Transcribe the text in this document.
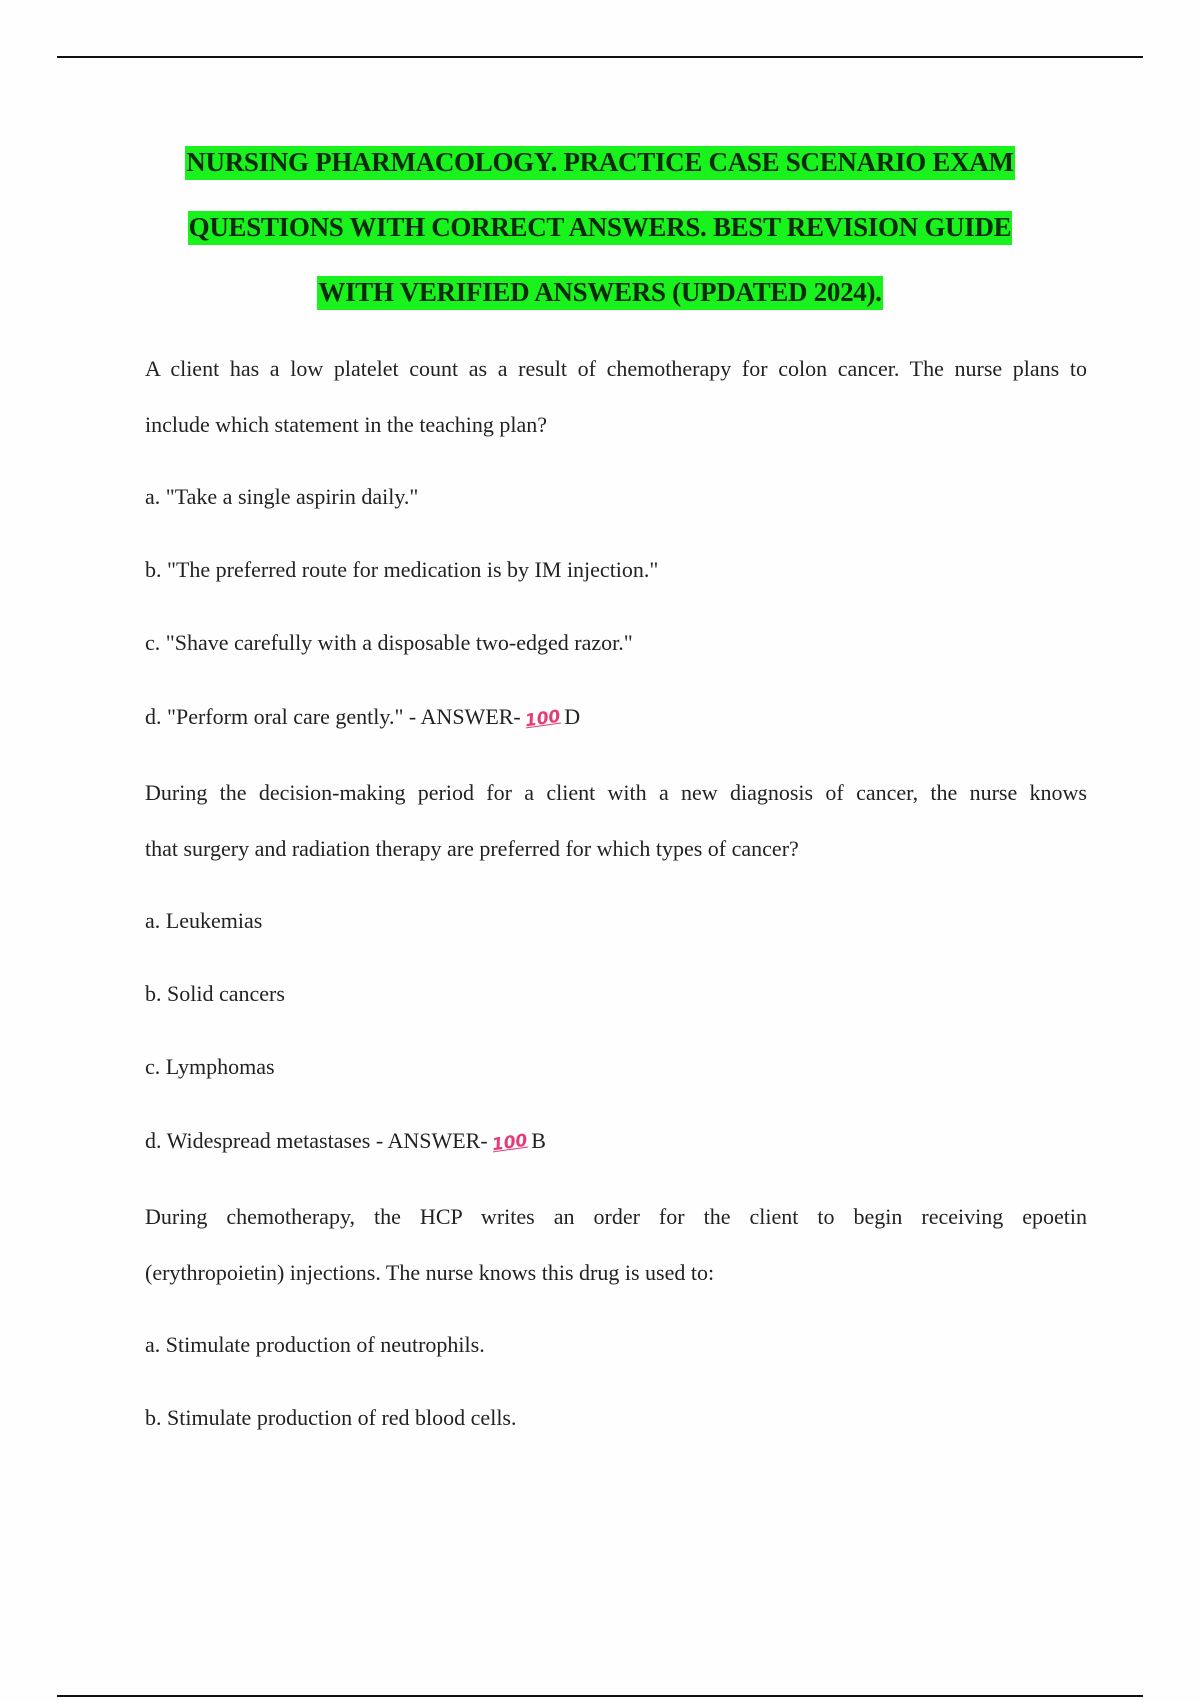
NURSING PHARMACOLOGY. PRACTICE CASE SCENARIO EXAM
QUESTIONS WITH CORRECT ANSWERS. BEST REVISION GUIDE
WITH VERIFIED ANSWERS (UPDATED 2024).
A client has a low platelet count as a result of chemotherapy for colon cancer. The nurse plans to
include which statement in the teaching plan?
a. "Take a single aspirin daily."
b. "The preferred route for medication is by IM injection."
c. "Shave carefully with a disposable two-edged razor."
d. "Perform oral care gently." - ANSWER- 100 D
During the decision-making period for a client with a new diagnosis of cancer, the nurse knows
that surgery and radiation therapy are preferred for which types of cancer?
a. Leukemias
b. Solid cancers
c. Lymphomas
d. Widespread metastases - ANSWER- 100 B
During chemotherapy, the HCP writes an order for the client to begin receiving epoetin
(erythropoietin) injections. The nurse knows this drug is used to:
a. Stimulate production of neutrophils.
b. Stimulate production of red blood cells.
